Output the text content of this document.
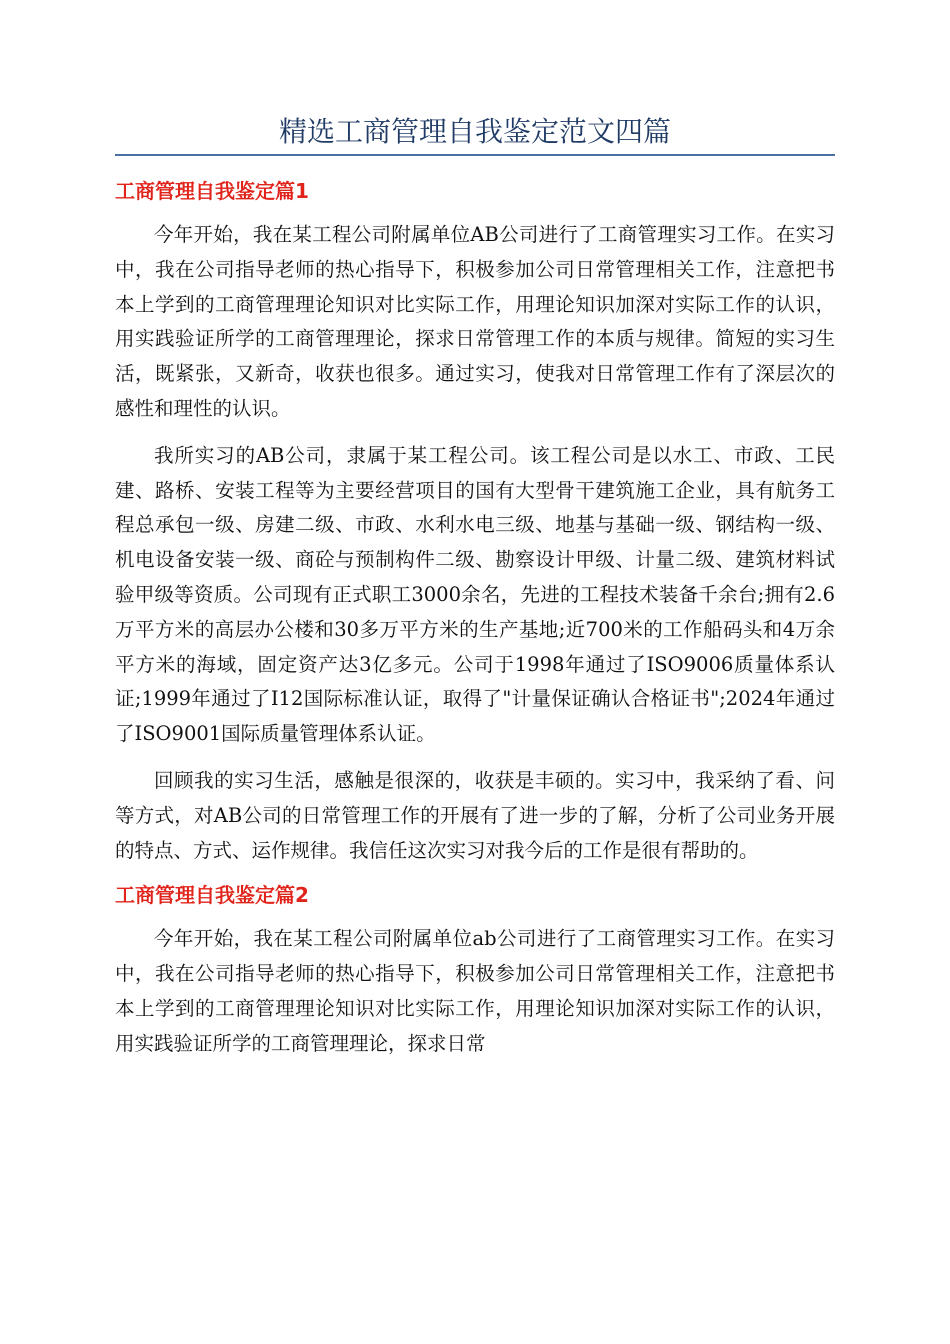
精选工商管理自我鉴定范文四篇
工商管理自我鉴定篇1

今年开始，我在某工程公司附属单位AB公司进行了工商管理实习工作。在实习中，我在公司指导老师的热心指导下，积极参加公司日常管理相关工作，注意把书本上学到的工商管理理论知识对比实际工作，用理论知识加深对实际工作的认识，用实践验证所学的工商管理理论，探求日常管理工作的本质与规律。简短的实习生活，既紧张，又新奇，收获也很多。通过实习，使我对日常管理工作有了深层次的感性和理性的认识。

我所实习的AB公司，隶属于某工程公司。该工程公司是以水工、市政、工民建、路桥、安装工程等为主要经营项目的国有大型骨干建筑施工企业，具有航务工程总承包一级、房建二级、市政、水利水电三级、地基与基础一级、钢结构一级、机电设备安装一级、商砼与预制构件二级、勘察设计甲级、计量二级、建筑材料试验甲级等资质。公司现有正式职工3000余名，先进的工程技术装备千余台;拥有2.6万平方米的高层办公楼和30多万平方米的生产基地;近700米的工作船码头和4万余平方米的海域，固定资产达3亿多元。公司于1998年通过了ISO9006质量体系认证;1999年通过了I12国际标准认证，取得了"计量保证确认合格证书";2024年通过了ISO9001国际质量管理体系认证。

回顾我的实习生活，感触是很深的，收获是丰硕的。实习中，我采纳了看、问等方式，对AB公司的日常管理工作的开展有了进一步的了解，分析了公司业务开展的特点、方式、运作规律。我信任这次实习对我今后的工作是很有帮助的。

工商管理自我鉴定篇2

今年开始，我在某工程公司附属单位ab公司进行了工商管理实习工作。在实习中，我在公司指导老师的热心指导下，积极参加公司日常管理相关工作，注意把书本上学到的工商管理理论知识对比实际工作，用理论知识加深对实际工作的认识，用实践验证所学的工商管理理论，探求日常
